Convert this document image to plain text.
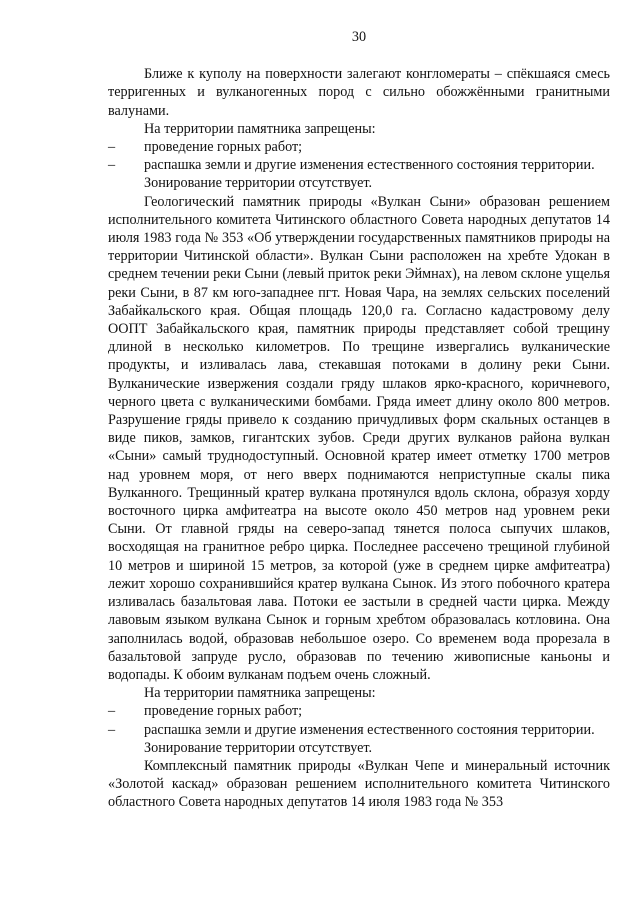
30

Ближе к куполу на поверхности залегают конгломераты – спёкшаяся смесь терригенных и вулканогенных пород с сильно обожжёнными гранитными валунами.

На территории памятника запрещены:

–	проведение горных работ;
–	распашка земли и другие изменения естественного состояния территории.

Зонирование территории отсутствует.

Геологический памятник природы «Вулкан Сыни» образован решением исполнительного комитета Читинского областного Совета народных депутатов 14 июля 1983 года № 353 «Об утверждении государственных памятников природы на территории Читинской области». Вулкан Сыни расположен на хребте Удокан в среднем течении реки Сыни (левый приток реки Эймнах), на левом склоне ущелья реки Сыни, в 87 км юго-западнее пгт. Новая Чара, на землях сельских поселений Забайкальского края. Общая площадь 120,0 га. Согласно кадастровому делу ООПТ Забайкальского края, памятник природы представляет собой трещину длиной в несколько километров. По трещине извергались вулканические продукты, и изливалась лава, стекавшая потоками в долину реки Сыни. Вулканические извержения создали гряду шлаков ярко-красного, коричневого, черного цвета с вулканическими бомбами. Гряда имеет длину около 800 метров. Разрушение гряды привело к созданию причудливых форм скальных останцев в виде пиков, замков, гигантских зубов. Среди других вулканов района вулкан «Сыни» самый труднодоступный. Основной кратер имеет отметку 1700 метров над уровнем моря, от него вверх поднимаются неприступные скалы пика Вулканного. Трещинный кратер вулкана протянулся вдоль склона, образуя хорду восточного цирка амфитеатра на высоте около 450 метров над уровнем реки Сыни. От главной гряды на северо-запад тянется полоса сыпучих шлаков, восходящая на гранитное ребро цирка. Последнее рассечено трещиной глубиной 10 метров и шириной 15 метров, за которой (уже в среднем цирке амфитеатра) лежит хорошо сохранившийся кратер вулкана Сынок. Из этого побочного кратера изливалась базальтовая лава. Потоки ее застыли в средней части цирка. Между лавовым языком вулкана Сынок и горным хребтом образовалась котловина. Она заполнилась водой, образовав небольшое озеро. Со временем вода прорезала в базальтовой запруде русло, образовав по течению живописные каньоны и водопады. К обоим вулканам подъем очень сложный.

На территории памятника запрещены:

–	проведение горных работ;
–	распашка земли и другие изменения естественного состояния территории.

Зонирование территории отсутствует.

Комплексный памятник природы «Вулкан Чепе и минеральный источник «Золотой каскад» образован решением исполнительного комитета Читинского областного Совета народных депутатов 14 июля 1983 года № 353
